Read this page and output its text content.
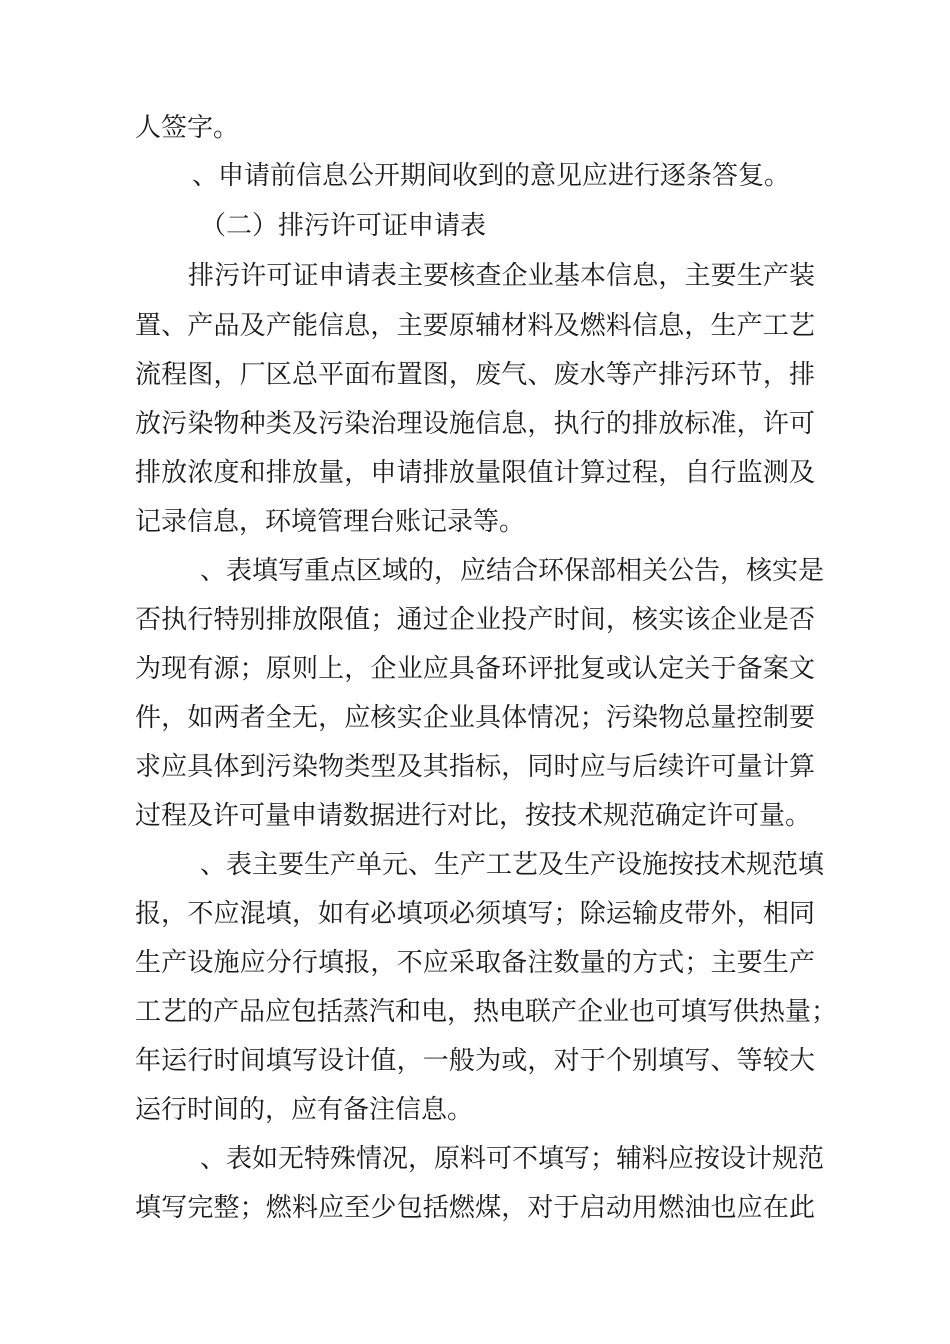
人签字。
、申请前信息公开期间收到的意见应进行逐条答复。
（二）排污许可证申请表
排污许可证申请表主要核查企业基本信息，主要生产装
置、产品及产能信息，主要原辅材料及燃料信息，生产工艺
流程图，厂区总平面布置图，废气、废水等产排污环节，排
放污染物种类及污染治理设施信息，执行的排放标准，许可
排放浓度和排放量，申请排放量限值计算过程，自行监测及
记录信息，环境管理台账记录等。
、表填写重点区域的，应结合环保部相关公告，核实是
否执行特别排放限值；通过企业投产时间，核实该企业是否
为现有源；原则上，企业应具备环评批复或认定关于备案文
件，如两者全无，应核实企业具体情况；污染物总量控制要
求应具体到污染物类型及其指标，同时应与后续许可量计算
过程及许可量申请数据进行对比，按技术规范确定许可量。
、表主要生产单元、生产工艺及生产设施按技术规范填
报，不应混填，如有必填项必须填写；除运输皮带外，相同
生产设施应分行填报，不应采取备注数量的方式；主要生产
工艺的产品应包括蒸汽和电，热电联产企业也可填写供热量；
年运行时间填写设计值，一般为或，对于个别填写、等较大
运行时间的，应有备注信息。
、表如无特殊情况，原料可不填写；辅料应按设计规范
填写完整；燃料应至少包括燃煤，对于启动用燃油也应在此
